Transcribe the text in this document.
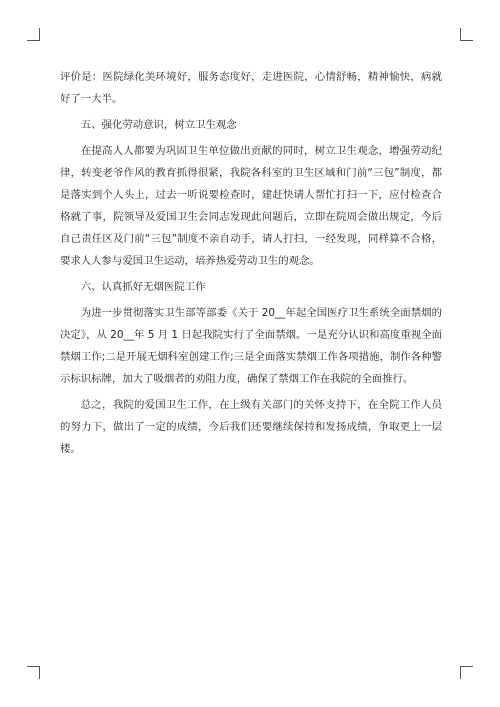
评价是：医院绿化美环境好，服务态度好，走进医院，心情舒畅，精神愉快，病就好了一大半。

五、强化劳动意识，树立卫生观念

在提高人人都要为巩固卫生单位做出贡献的同时，树立卫生观念，增强劳动纪律，转变老爷作风的教育抓得很紧，我院各科室的卫生区域和门前“三包”制度，都是落实到个人头上，过去一听说要检查时，建赶快请人帮忙打扫一下，应付检查合格就了事，院领导及爱国卫生会同志发现此问题后，立即在院周会做出规定，今后自己责任区及门前“三包”制度不亲自动手，请人打扫，一经发现，同样算不合格，要求人人参与爱国卫生运动，培养热爱劳动卫生的观念。

六、认真抓好无烟医院工作

为进一步贯彻落实卫生部等部委《关于 20__年起全国医疗卫生系统全面禁烟的决定》，从 20__年 5 月 1 日起我院实行了全面禁烟。一是充分认识和高度重视全面禁烟工作;二是开展无烟科室创建工作;三是全面落实禁烟工作各项措施，制作各种警示标识标牌，加大了吸烟者的劝阻力度，确保了禁烟工作在我院的全面推行。

总之，我院的爱国卫生工作，在上级有关部门的关怀支持下，在全院工作人员的努力下，做出了一定的成绩，今后我们还要继续保持和发扬成绩，争取更上一层楼。
